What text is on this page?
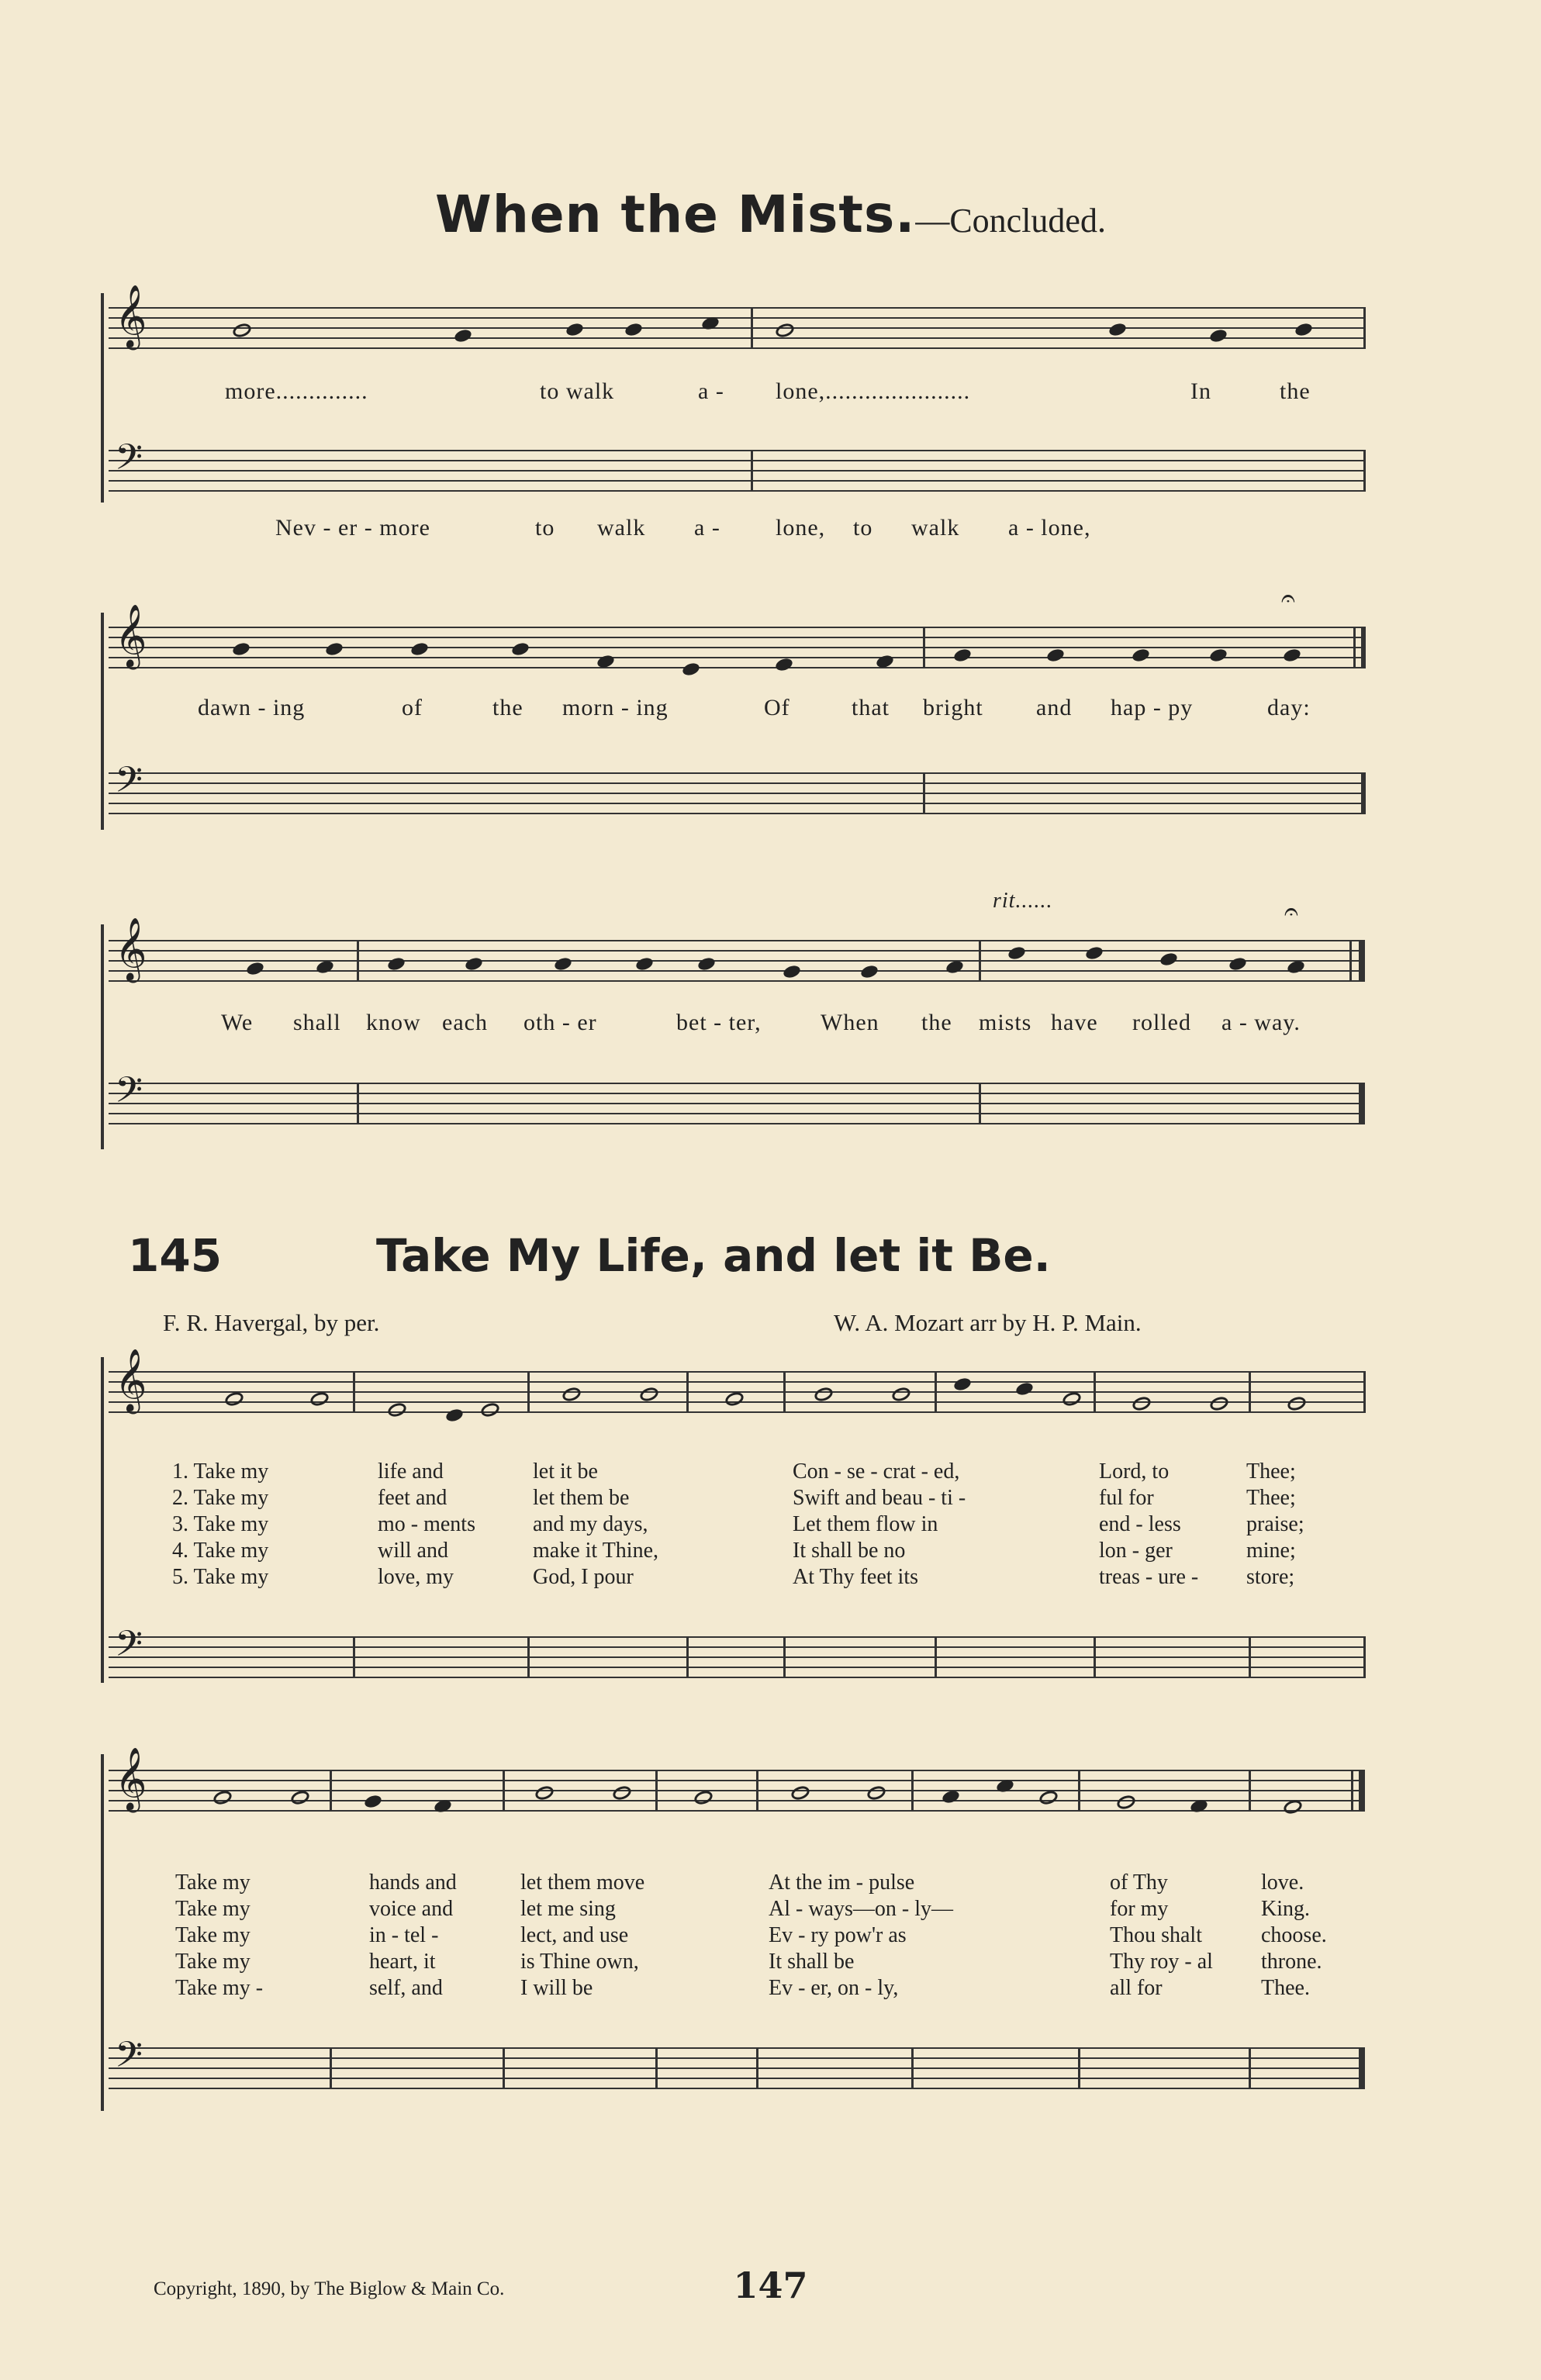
When the Mists.—Concluded.
𝄞
more..............	to walk	a - lone,......................	In	the
𝄢
Nev - er - more	to walk a - lone, to walk a - lone,
𝄞
𝄐
dawn - ing	of	the morn - ing	Of	that bright and hap - py	day:
𝄢
rit......
𝄞
𝄐
We shall know each oth - er	bet - ter,	When the mists have rolled a - way.
𝄢
145	Take My Life, and let it Be.
F. R. Havergal, by per.	W. A. Mozart arr by H. P. Main.
𝄞
1. Take my	life and	let it be	Con - se - crat - ed,	Lord, to	Thee;
2. Take my	feet and	let them be	Swift and beau - ti -	ful for	Thee;
3. Take my	mo - ments	and my days,	Let them flow in	end - less	praise;
4. Take my	will and	make it Thine,	It shall be no	lon - ger	mine;
5. Take my	love, my	God, I pour	At Thy feet its	treas - ure -	store;
𝄢
𝄞
Take my	hands and	let them move	At the im - pulse	of Thy	love.
Take my	voice and	let me sing	Al - ways—on - ly—	for my	King.
Take my	in - tel -	lect, and use	Ev - ry pow'r as	Thou shalt	choose.
Take my	heart, it	is Thine own,	It shall be	Thy roy - al	throne.
Take my -	self, and	I will be	Ev - er, on - ly,	all for	Thee.
𝄢
Copyright, 1890, by The Biglow & Main Co.	147
